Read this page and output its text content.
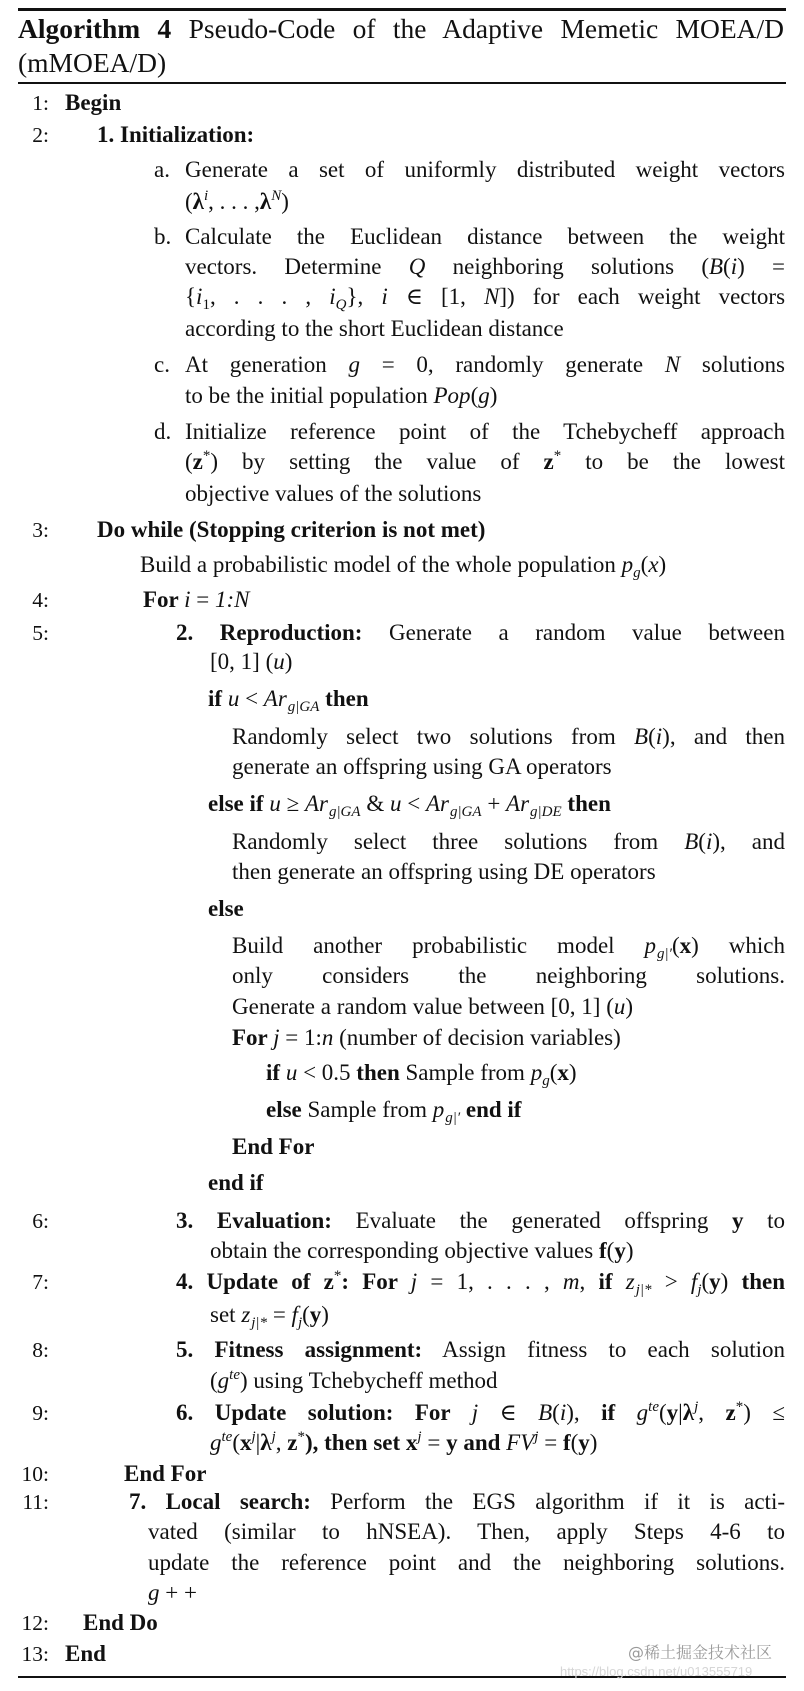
Algorithm 4 Pseudo-Code of the Adaptive Memetic MOEA/D
(mMOEA/D)
1: Begin
2: 1. Initialization:
a. Generate a set of uniformly distributed weight vectors
($\lambda^i$, . . . $,\lambda^N$)
b. Calculate the Euclidean distance between the weight
vectors. Determine Q neighboring solutions (B(i) =
{$i_1$, . . . , $i_Q$}, i ∈ [1, N]) for each weight vectors
according to the short Euclidean distance
c. At generation g = 0, randomly generate N solutions
to be the initial population Pop(g)
d. Initialize reference point of the Tchebycheff approach
(z*) by setting the value of z* to be the lowest
objective values of the solutions
3: Do while (Stopping criterion is not met)
Build a probabilistic model of the whole population $p_g(x)$
4:	For i = 1:N
5:	2. Reproduction: Generate a random value between
[0, 1] (u)
if $u < Ar_{g|GA}$ then
Randomly select two solutions from B(i), and then
generate an offspring using GA operators
else if $u \ge Ar_{g|GA}$ & $u < Ar_{g|GA} + Ar_{g|DE}$ then
Randomly select three solutions from B(i), and
then generate an offspring using DE operators
else
Build another probabilistic model $p_{g|'}(x)$ which
only considers the neighboring solutions.
Generate a random value between [0, 1] (u)
For j = 1:n (number of decision variables)
if u < 0.5 then Sample from $p_g(x)$
else Sample from $p_{g|'}$ end if
End For
end if
6:	3. Evaluation: Evaluate the generated offspring y to
obtain the corresponding objective values f(y)
7:	4. Update of z*: For j = 1, . . . , m, if $z_{j|*} > f_j(y)$ then
set $z_{j|*} = f_j(y)$
8:	5. Fitness assignment: Assign fitness to each solution
$(g^{te})$ using Tchebycheff method
9:	6. Update solution: For j ∈ B(i), if $g^{te}(y|\lambda^j$, z*) ≤
$g^{te}(x^j|\lambda^j$, z*), then set $x^j = y$ and $FV^j = f(y)$
10:	End For
11:	7. Local search: Perform the EGS algorithm if it is acti-
vated (similar to hNSEA). Then, apply Steps 4-6 to
update the reference point and the neighboring solutions.
g + +
12: End Do
13: End	@稀土掘金技术社区
https://blog.csdn.net/u013555719
